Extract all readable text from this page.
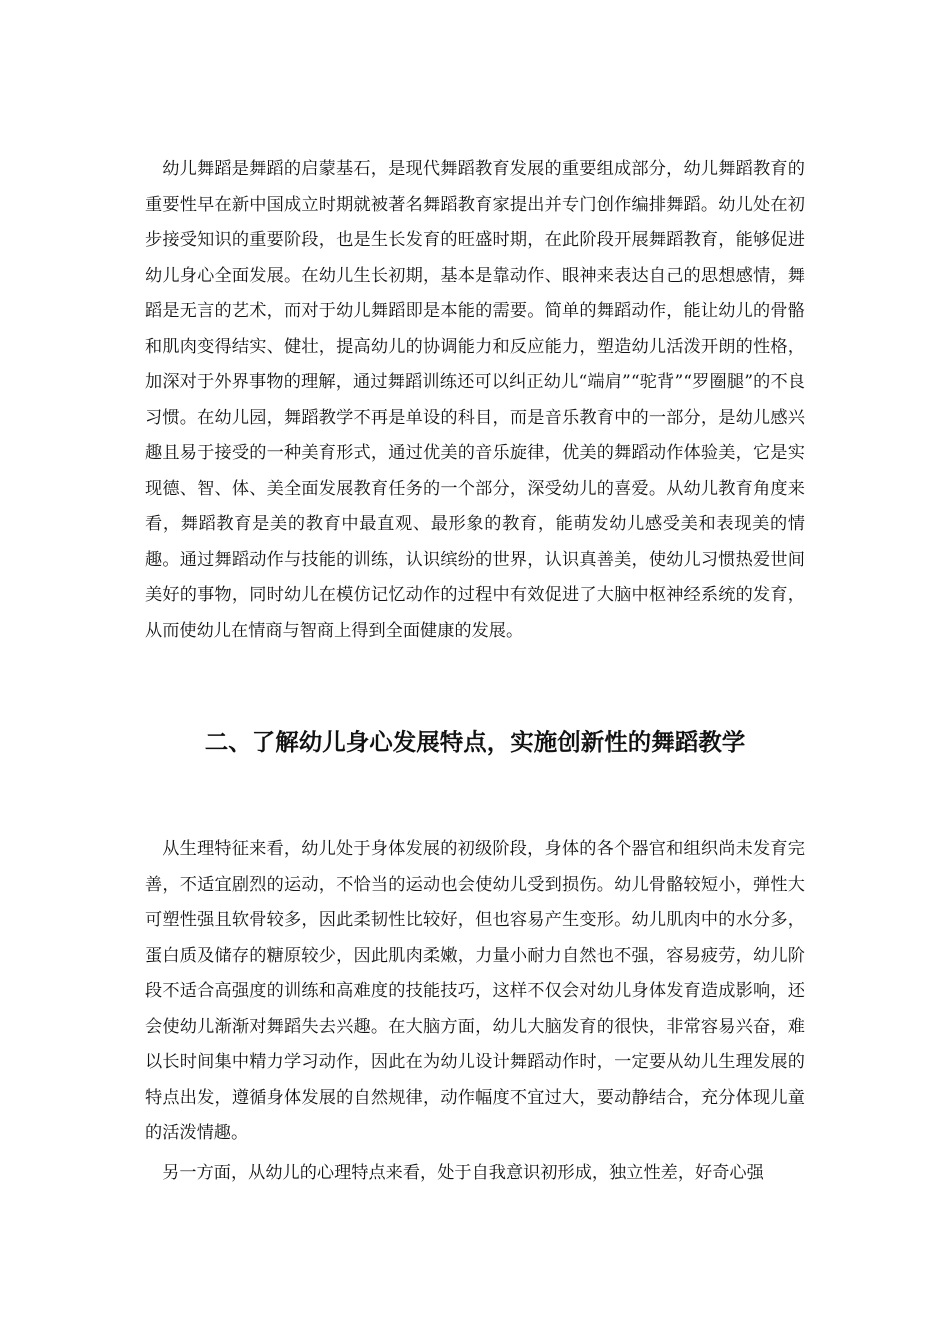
幼儿舞蹈是舞蹈的启蒙基石，是现代舞蹈教育发展的重要组成部分，幼儿舞蹈教育的重要性早在新中国成立时期就被著名舞蹈教育家提出并专门创作编排舞蹈。幼儿处在初步接受知识的重要阶段，也是生长发育的旺盛时期，在此阶段开展舞蹈教育，能够促进幼儿身心全面发展。在幼儿生长初期，基本是靠动作、眼神来表达自己的思想感情，舞蹈是无言的艺术，而对于幼儿舞蹈即是本能的需要。简单的舞蹈动作，能让幼儿的骨骼和肌肉变得结实、健壮，提高幼儿的协调能力和反应能力，塑造幼儿活泼开朗的性格，加深对于外界事物的理解，通过舞蹈训练还可以纠正幼儿“端肩”“驼背”“罗圈腿”的不良习惯。在幼儿园，舞蹈教学不再是单设的科目，而是音乐教育中的一部分，是幼儿感兴趣且易于接受的一种美育形式，通过优美的音乐旋律，优美的舞蹈动作体验美，它是实现德、智、体、美全面发展教育任务的一个部分，深受幼儿的喜爱。从幼儿教育角度来看，舞蹈教育是美的教育中最直观、最形象的教育，能萌发幼儿感受美和表现美的情趣。通过舞蹈动作与技能的训练，认识缤纷的世界，认识真善美，使幼儿习惯热爱世间美好的事物，同时幼儿在模仿记忆动作的过程中有效促进了大脑中枢神经系统的发育，从而使幼儿在情商与智商上得到全面健康的发展。

二、了解幼儿身心发展特点，实施创新性的舞蹈教学

从生理特征来看，幼儿处于身体发展的初级阶段，身体的各个器官和组织尚未发育完善，不适宜剧烈的运动，不恰当的运动也会使幼儿受到损伤。幼儿骨骼较短小，弹性大可塑性强且软骨较多，因此柔韧性比较好，但也容易产生变形。幼儿肌肉中的水分多，蛋白质及储存的糖原较少，因此肌肉柔嫩，力量小耐力自然也不强，容易疲劳，幼儿阶段不适合高强度的训练和高难度的技能技巧，这样不仅会对幼儿身体发育造成影响，还会使幼儿渐渐对舞蹈失去兴趣。在大脑方面，幼儿大脑发育的很快，非常容易兴奋，难以长时间集中精力学习动作，因此在为幼儿设计舞蹈动作时，一定要从幼儿生理发展的特点出发，遵循身体发展的自然规律，动作幅度不宜过大，要动静结合，充分体现儿童的活泼情趣。

另一方面，从幼儿的心理特点来看，处于自我意识初形成，独立性差，好奇心强
